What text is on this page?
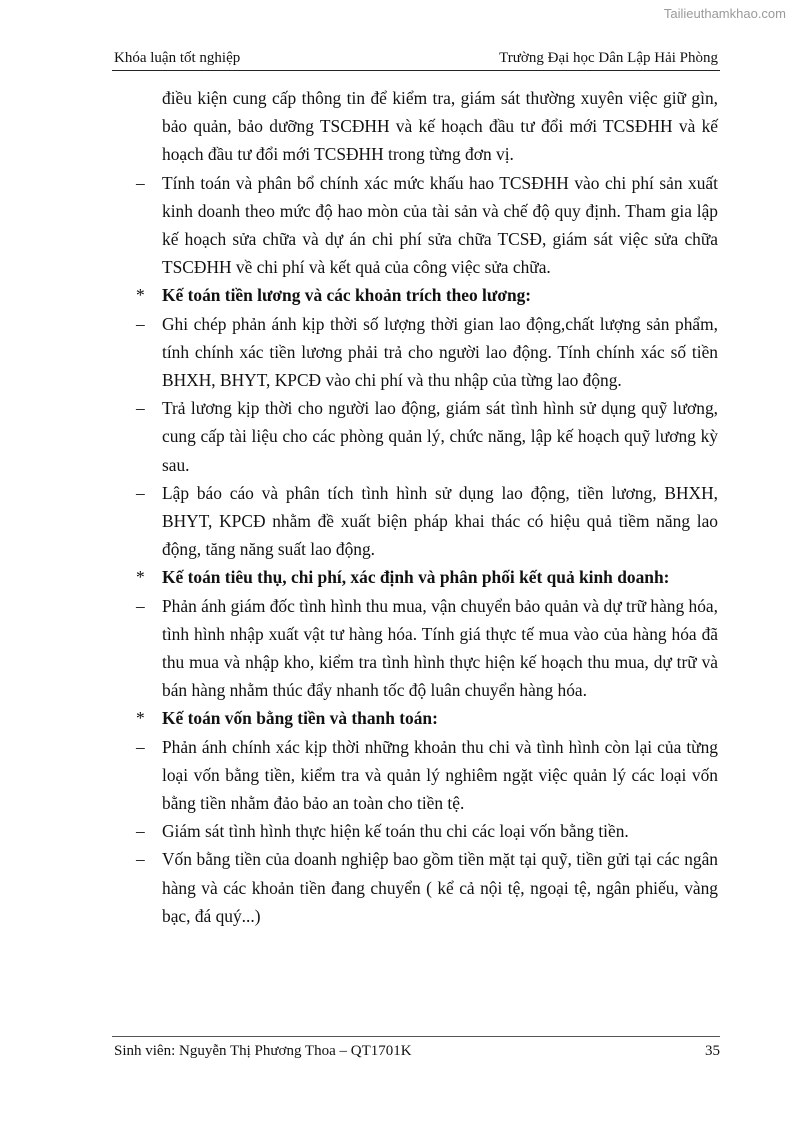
Tailieuthamkhao.com
Khóa luận tốt nghiệp	Trường Đại học Dân Lập Hải Phòng
điều kiện cung cấp thông tin để kiểm tra, giám sát thường xuyên việc giữ gìn, bảo quản, bảo dưỡng TSCĐHH và kế hoạch đầu tư đổi mới TCSĐHH và kế hoạch đầu tư đổi mới TCSĐHH trong từng đơn vị.
– Tính toán và phân bổ chính xác mức khấu hao TCSĐHH vào chi phí sản xuất kinh doanh theo mức độ hao mòn của tài sản và chế độ quy định. Tham gia lập kế hoạch sửa chữa và dự án chi phí sửa chữa TCSĐ, giám sát việc sửa chữa TSCĐHH về chi phí và kết quả của công việc sửa chữa.
* Kế toán tiền lương và các khoản trích theo lương:
– Ghi chép phản ánh kịp thời số lượng thời gian lao động,chất lượng sản phẩm, tính chính xác tiền lương phải trả cho người lao động. Tính chính xác số tiền BHXH, BHYT, KPCĐ vào chi phí và thu nhập của từng lao động.
– Trả lương kịp thời cho người lao động, giám sát tình hình sử dụng quỹ lương, cung cấp tài liệu cho các phòng quản lý, chức năng, lập kế hoạch quỹ lương kỳ sau.
– Lập báo cáo và phân tích tình hình sử dụng lao động, tiền lương, BHXH, BHYT, KPCĐ nhằm đề xuất biện pháp khai thác có hiệu quả tiềm năng lao động, tăng năng suất lao động.
* Kế toán tiêu thụ, chi phí, xác định và phân phối kết quả kinh doanh:
– Phản ánh giám đốc tình hình thu mua, vận chuyển bảo quản và dự trữ hàng hóa, tình hình nhập xuất vật tư hàng hóa. Tính giá thực tế mua vào của hàng hóa đã thu mua và nhập kho, kiểm tra tình hình thực hiện kế hoạch thu mua, dự trữ và bán hàng nhằm thúc đẩy nhanh tốc độ luân chuyển hàng hóa.
* Kế toán vốn bằng tiền và thanh toán:
– Phản ánh chính xác kịp thời những khoản thu chi và tình hình còn lại của từng loại vốn bằng tiền, kiểm tra và quản lý nghiêm ngặt việc quản lý các loại vốn bằng tiền nhằm đảo bảo an toàn cho tiền tệ.
– Giám sát tình hình thực hiện kế toán thu chi các loại vốn bằng tiền.
– Vốn bằng tiền của doanh nghiệp bao gồm tiền mặt tại quỹ, tiền gửi tại các ngân hàng và các khoản tiền đang chuyển ( kể cả nội tệ, ngoại tệ, ngân phiếu, vàng bạc, đá quý...)
Sinh viên: Nguyễn Thị Phương Thoa – QT1701K	35
